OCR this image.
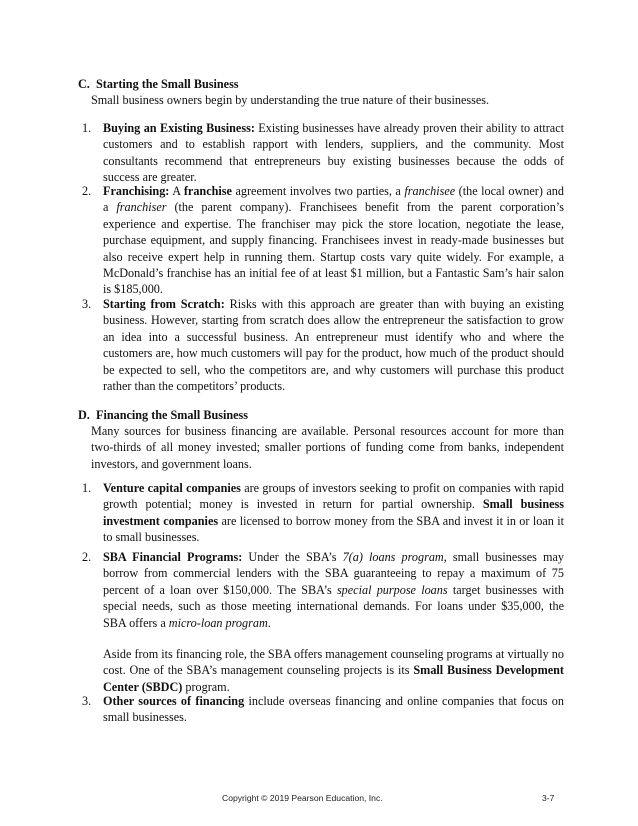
C. Starting the Small Business
Small business owners begin by understanding the true nature of their businesses.
1. Buying an Existing Business: Existing businesses have already proven their ability to attract customers and to establish rapport with lenders, suppliers, and the community. Most consultants recommend that entrepreneurs buy existing businesses because the odds of success are greater.
2. Franchising: A franchise agreement involves two parties, a franchisee (the local owner) and a franchiser (the parent company). Franchisees benefit from the parent corporation’s experience and expertise. The franchiser may pick the store location, negotiate the lease, purchase equipment, and supply financing. Franchisees invest in ready-made businesses but also receive expert help in running them. Startup costs vary quite widely. For example, a McDonald’s franchise has an initial fee of at least $1 million, but a Fantastic Sam’s hair salon is $185,000.
3. Starting from Scratch: Risks with this approach are greater than with buying an existing business. However, starting from scratch does allow the entrepreneur the satisfaction to grow an idea into a successful business. An entrepreneur must identify who and where the customers are, how much customers will pay for the product, how much of the product should be expected to sell, who the competitors are, and why customers will purchase this product rather than the competitors’ products.
D. Financing the Small Business
Many sources for business financing are available. Personal resources account for more than two-thirds of all money invested; smaller portions of funding come from banks, independent investors, and government loans.
1. Venture capital companies are groups of investors seeking to profit on companies with rapid growth potential; money is invested in return for partial ownership. Small business investment companies are licensed to borrow money from the SBA and invest it in or loan it to small businesses.
2. SBA Financial Programs: Under the SBA’s 7(a) loans program, small businesses may borrow from commercial lenders with the SBA guaranteeing to repay a maximum of 75 percent of a loan over $150,000. The SBA’s special purpose loans target businesses with special needs, such as those meeting international demands. For loans under $35,000, the SBA offers a micro-loan program.
Aside from its financing role, the SBA offers management counseling programs at virtually no cost. One of the SBA’s management counseling projects is its Small Business Development Center (SBDC) program.
3. Other sources of financing include overseas financing and online companies that focus on small businesses.
Copyright © 2019 Pearson Education, Inc.	3-7
